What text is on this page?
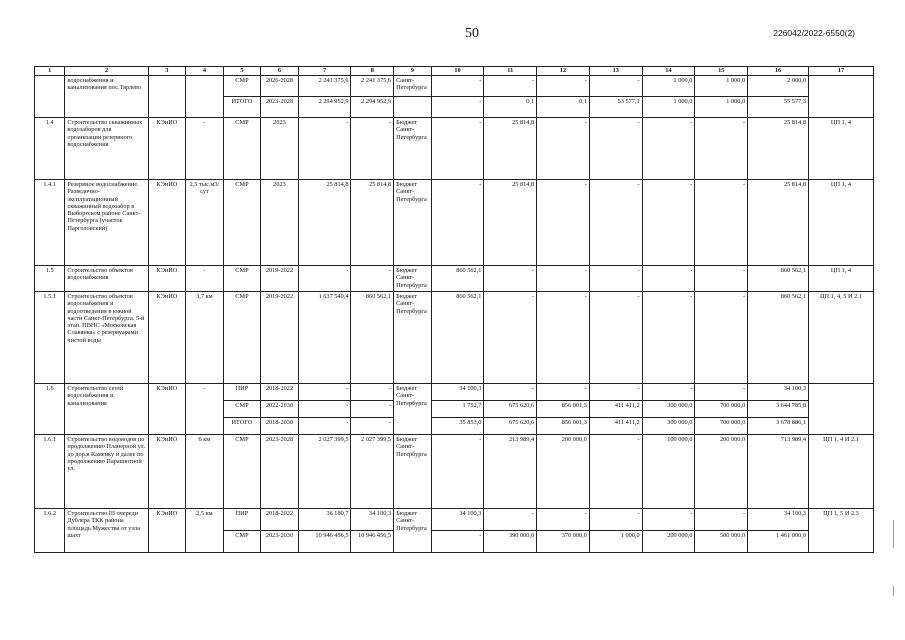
50	226042/2022-6550(2)
1	2	3	4	5	6	7	8	9	10	11	12	13	14	15	16	17
	водоснабжения и канализования пос.Тярлево			СМР	2026-2028	2 241 375,6	2 241 375,6	Санкт-Петербурга	-	-	-	-	1 000,0	1 000,0	2 000,0	
				ИТОГО	2023-2028	2 294 952,9	2 294 952,9		-	0,1	0,1	53 577,1	1 000,0	1 000,0	55 577,3	
1.4	Строительство скважинных водозаборов для организации резервного водоснабжения	КЭиИО	-	СМР	2023	-	-	Бюджет Санкт-Петербурга	-	25 814,8	-	-	-	-	25 814,8	ЦП 1, 4
1.4.1	Резервное водоснабжение. Разведочно-эксплуатационный скважинный водозабор в Выборгском районе Санкт-Петербурга (участок Парголовский)	КЭиИО	2,5 тыс.м3/сут	СМР	2023	25 814,8	25 814,8	Бюджет Санкт-Петербурга	-	25 814,8	-	-	-	-	25 814,8	ЦП 1, 4
1.5	Строительство объектов водоснабжения	КЭиИО	-	СМР	2019-2022	-	-	Бюджет Санкт-Петербурга	860 562,1	-	-	-	-	-	860 562,1	ЦП 1, 4
1.5.1	Строительство объектов водоснабжения и водоотведения в южной части Санкт-Петербурга. 5-й этап. ПВНС «Московская Славянка» с резервуарами чистой воды	КЭиИО	3,7 км	СМР	2019-2022	1 637 540,4	860 562,1	Бюджет Санкт-Петербурга	860 562,1	-	-	-	-	-	860 562,1	ЦП 1, 4, 5 И 2.1
1.6	Строительство сетей водоснабжения и канализования	КЭиИО	-	ПИР	2018-2022	-	-	Бюджет Санкт-Петербурга	34 100,3	-	-	-	-	-	34 100,3	
				СМР	2022-2030	-	-		1 752,7	675 620,6	856 001,3	411 411,2	300 000,0	700 000,0	3 644 785,8	
				ИТОГО	2018-2030	-	-		35 853,0	675 620,6	856 001,3	411 411,2	300 000,0	700 000,0	3 678 886,1	
1.6.1	Строительство водоводов по продолжению Планерной ул. до дор.в Каменку и далее по продолжению Парашютной ул.	КЭиИО	6 км	СМР	2023-2028	2 027 399,5	2 027 399,5	Бюджет Санкт-Петербурга	-	213 989,4	200 000,0	-	100 000,0	200 000,0	713 989,4	ЦП 1, 4 И 2.1
1.6.2	Строительство III очереди Дублера ТКК района площадь Мужества от узла шахт	КЭиИО	2,5 км	ПИР	2018-2022	36 180,7	34 100,3	Бюджет Санкт-Петербурга	34 100,3	-	-	-	-	-	34 100,3	ЦП 1, 5 И 2.3
				СМР	2023-2030	10 946 456,5	10 946 456,5		-	390 000,0	370 000,0	1 000,0	200 000,0	500 000,0	1 461 000,0	
